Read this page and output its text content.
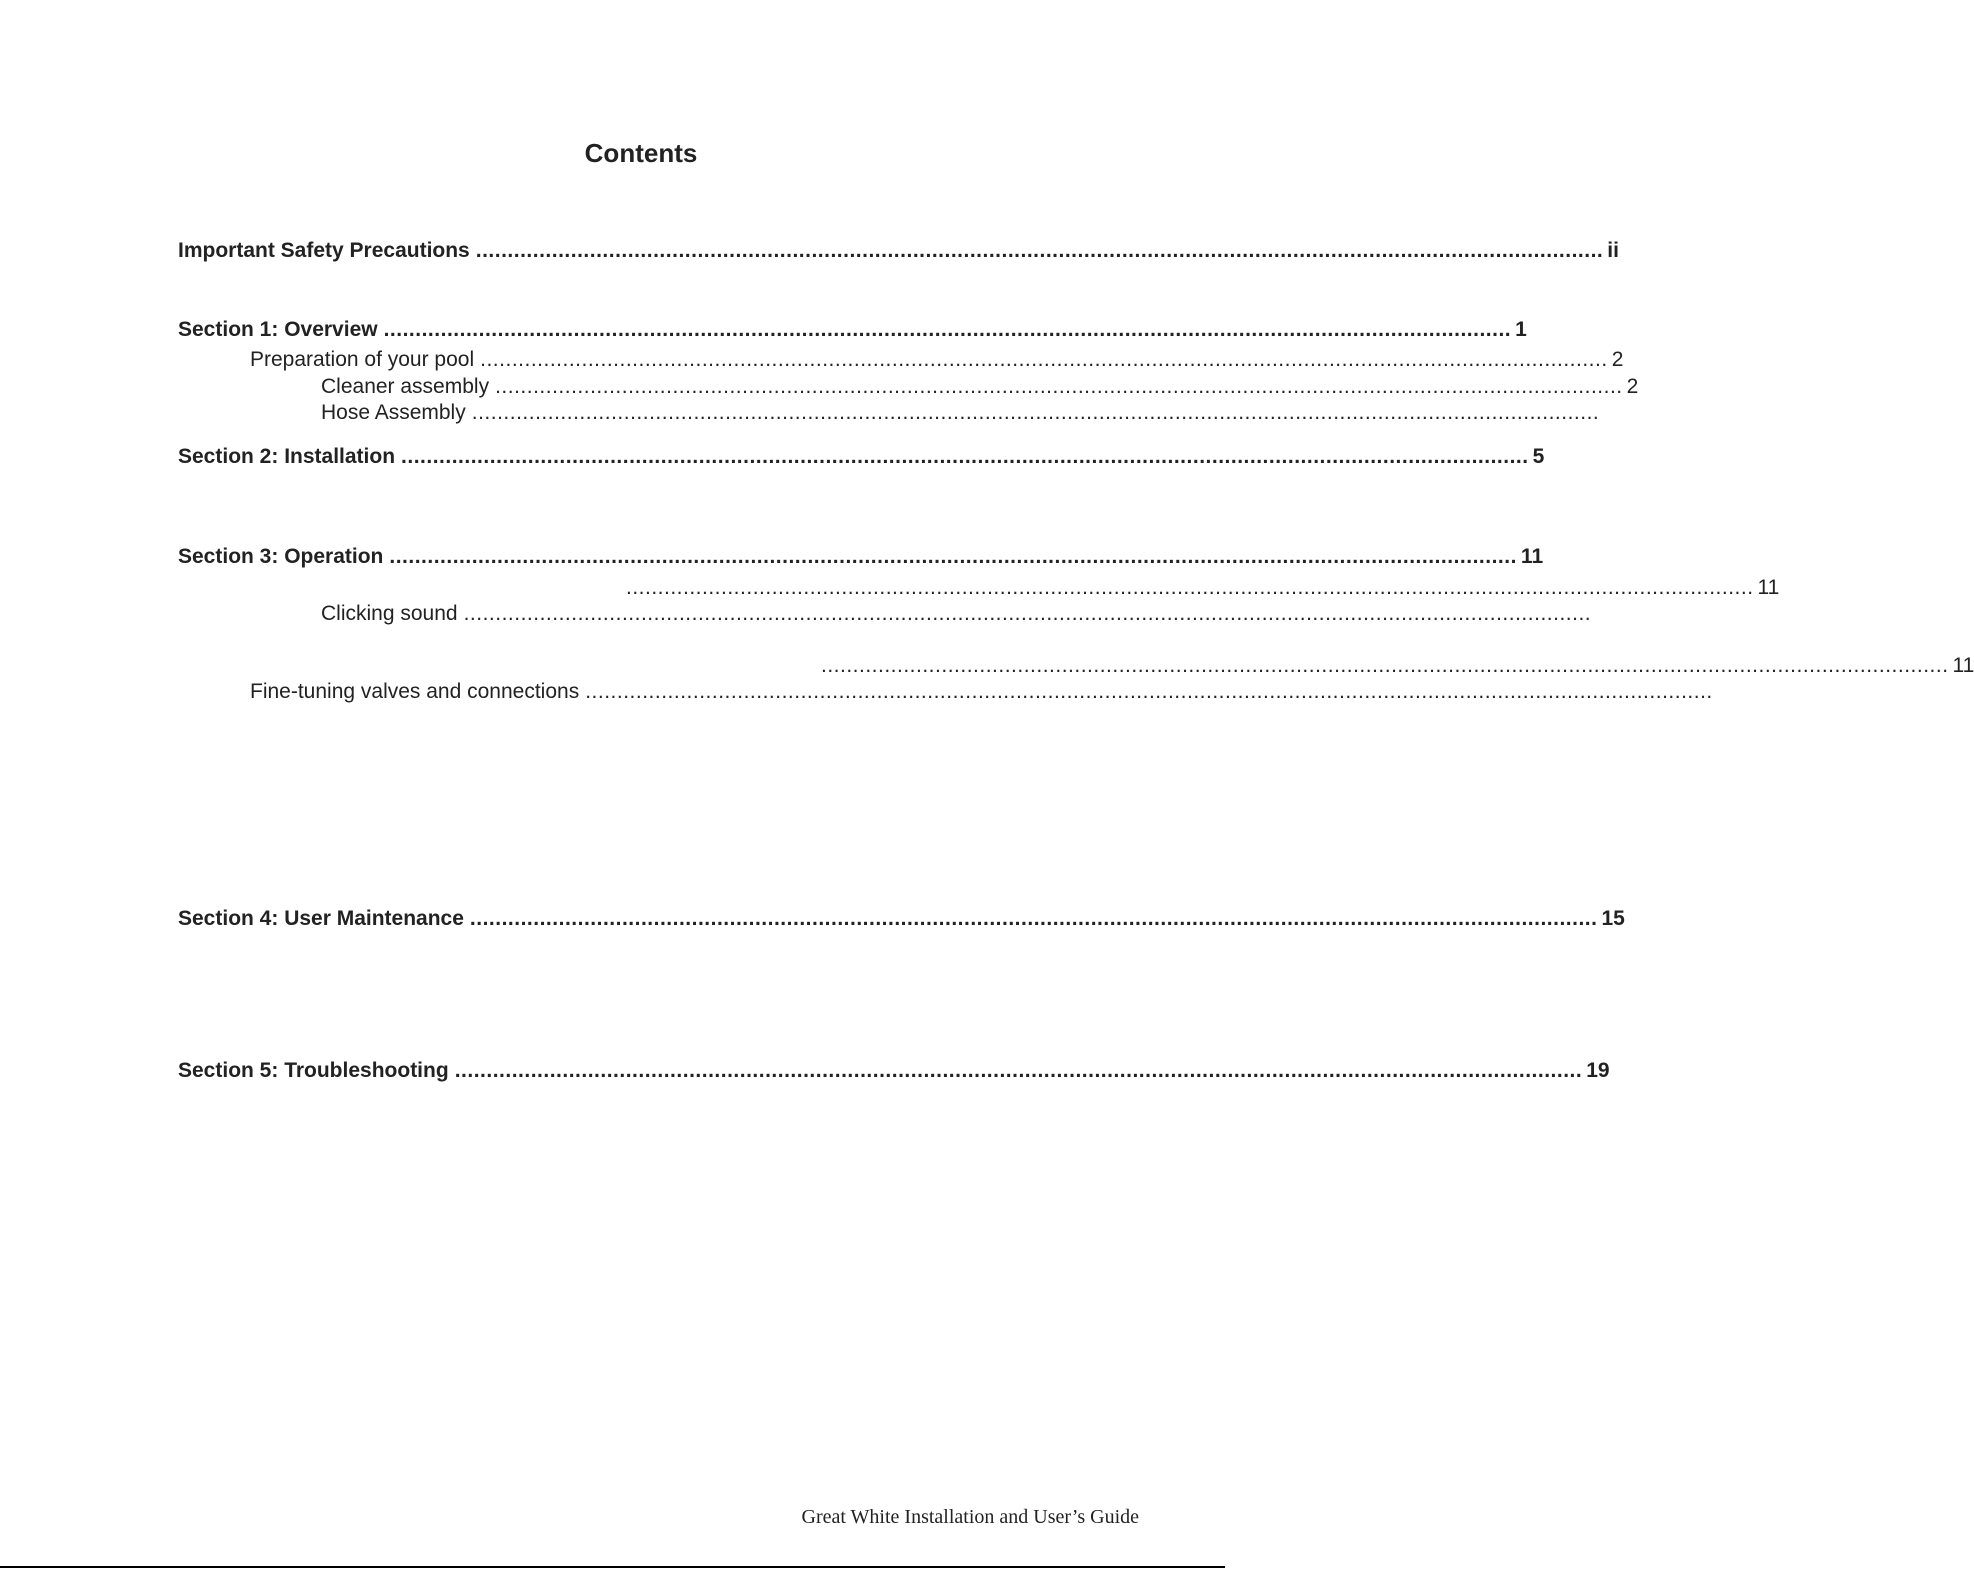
Contents
Important Safety Precautions .................................................................................................................................................................................. ii
Section 1: Overview .................................................................................................................................................................................. 1
Preparation of your pool .................................................................................................................................................................................. 2
Cleaner assembly .................................................................................................................................................................................. 2
Hose Assembly ..................................................................................................................................................................................
Section 2: Installation .................................................................................................................................................................................. 5
Section 3: Operation .................................................................................................................................................................................. 11
.................................................................................................................................................................................. 11
Clicking sound ..................................................................................................................................................................................
.................................................................................................................................................................................. 11
Fine-tuning valves and connections ..................................................................................................................................................................................
Section 4: User Maintenance .................................................................................................................................................................................. 15
Section 5: Troubleshooting .................................................................................................................................................................................. 19
Great White Installation and User’s Guide
